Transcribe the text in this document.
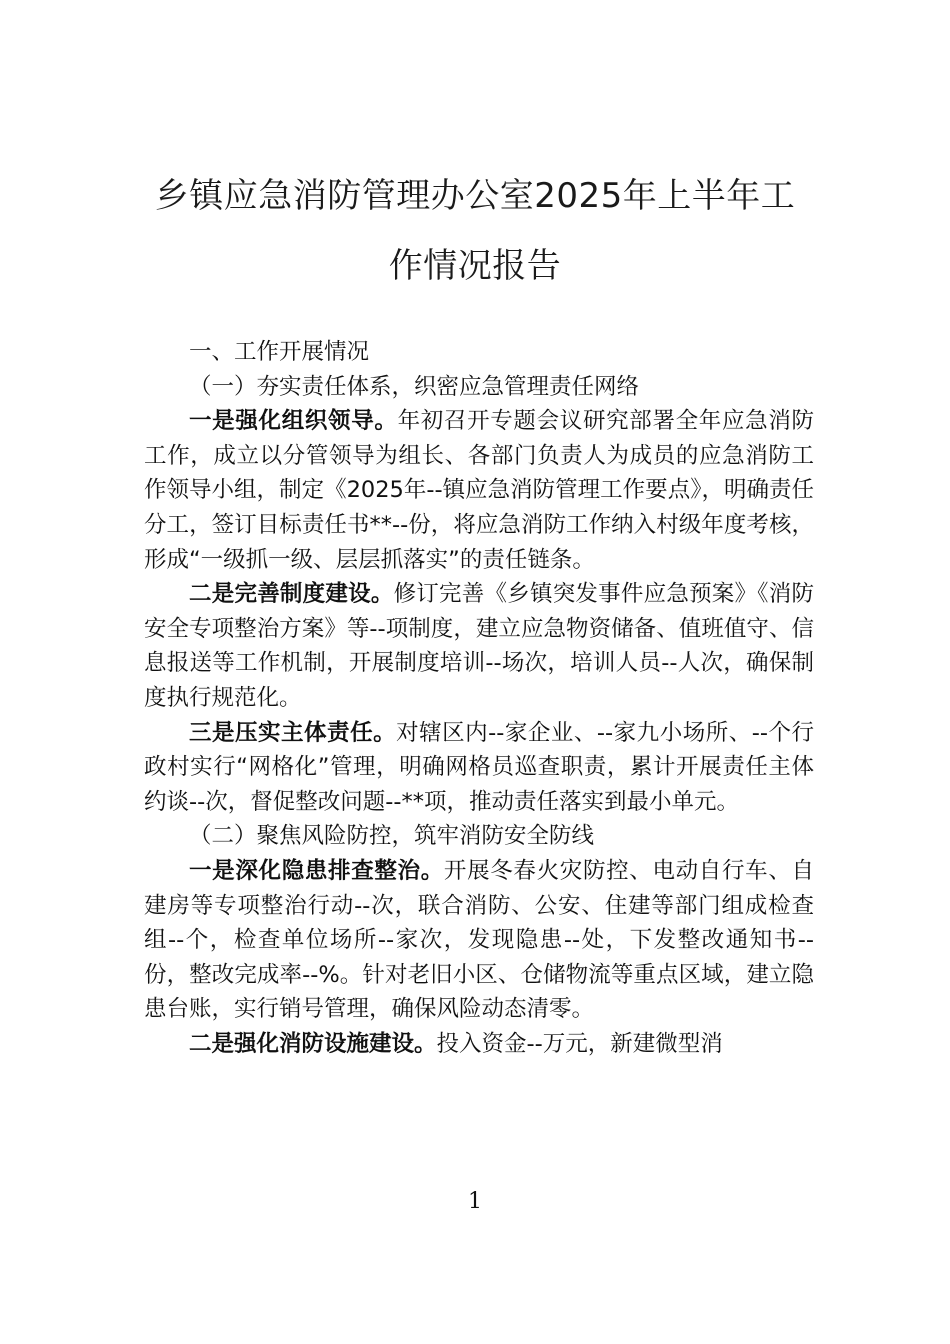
乡镇应急消防管理办公室2025年上半年工
作情况报告

一、工作开展情况

（一）夯实责任体系，织密应急管理责任网络

一是强化组织领导。年初召开专题会议研究部署全年应急消防工作，成立以分管领导为组长、各部门负责人为成员的应急消防工作领导小组，制定《2025年--镇应急消防管理工作要点》，明确责任分工，签订目标责任书**--份，将应急消防工作纳入村级年度考核，形成“一级抓一级、层层抓落实”的责任链条。

二是完善制度建设。修订完善《乡镇突发事件应急预案》《消防安全专项整治方案》等--项制度，建立应急物资储备、值班值守、信息报送等工作机制，开展制度培训--场次，培训人员--人次，确保制度执行规范化。

三是压实主体责任。对辖区内--家企业、--家九小场所、--个行政村实行“网格化”管理，明确网格员巡查职责，累计开展责任主体约谈--次，督促整改问题--**项，推动责任落实到最小单元。

（二）聚焦风险防控，筑牢消防安全防线

一是深化隐患排查整治。开展冬春火灾防控、电动自行车、自建房等专项整治行动--次，联合消防、公安、住建等部门组成检查组--个，检查单位场所--家次，发现隐患--处，下发整改通知书--份，整改完成率--%。针对老旧小区、仓储物流等重点区域，建立隐患台账，实行销号管理，确保风险动态清零。

二是强化消防设施建设。投入资金--万元，新建微型消

1
